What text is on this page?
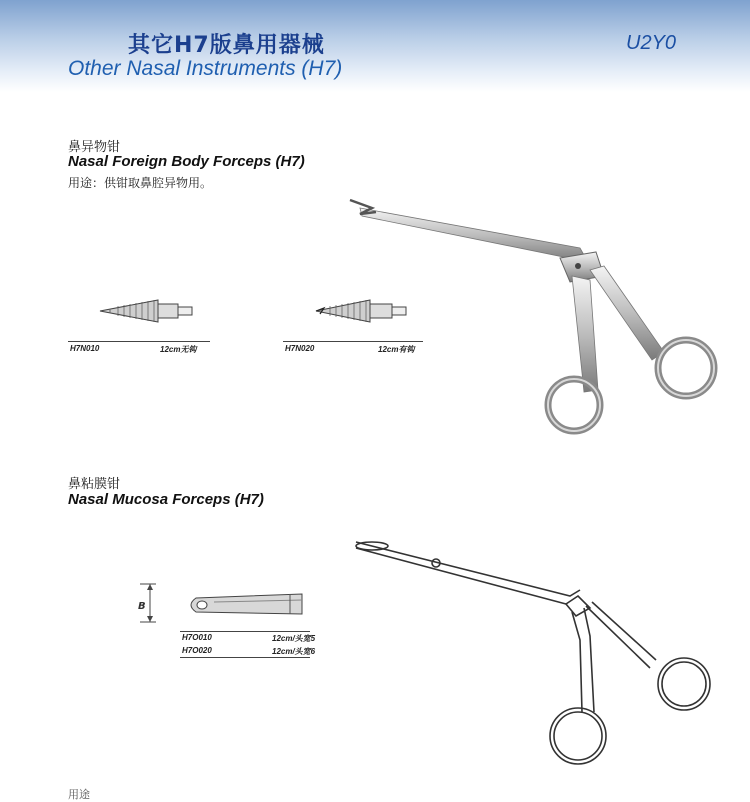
其它H7版鼻用器械	U2Y0
Other Nasal Instruments (H7)
鼻异物钳
Nasal Foreign Body Forceps (H7)
用途：供钳取鼻腔异物用。
H7N010	12cm无钩	H7N020	12cm有钩
鼻粘膜钳
Nasal Mucosa Forceps (H7)
B
H7O010	12cm/头宽5
H7O020	12cm/头宽6
用途
